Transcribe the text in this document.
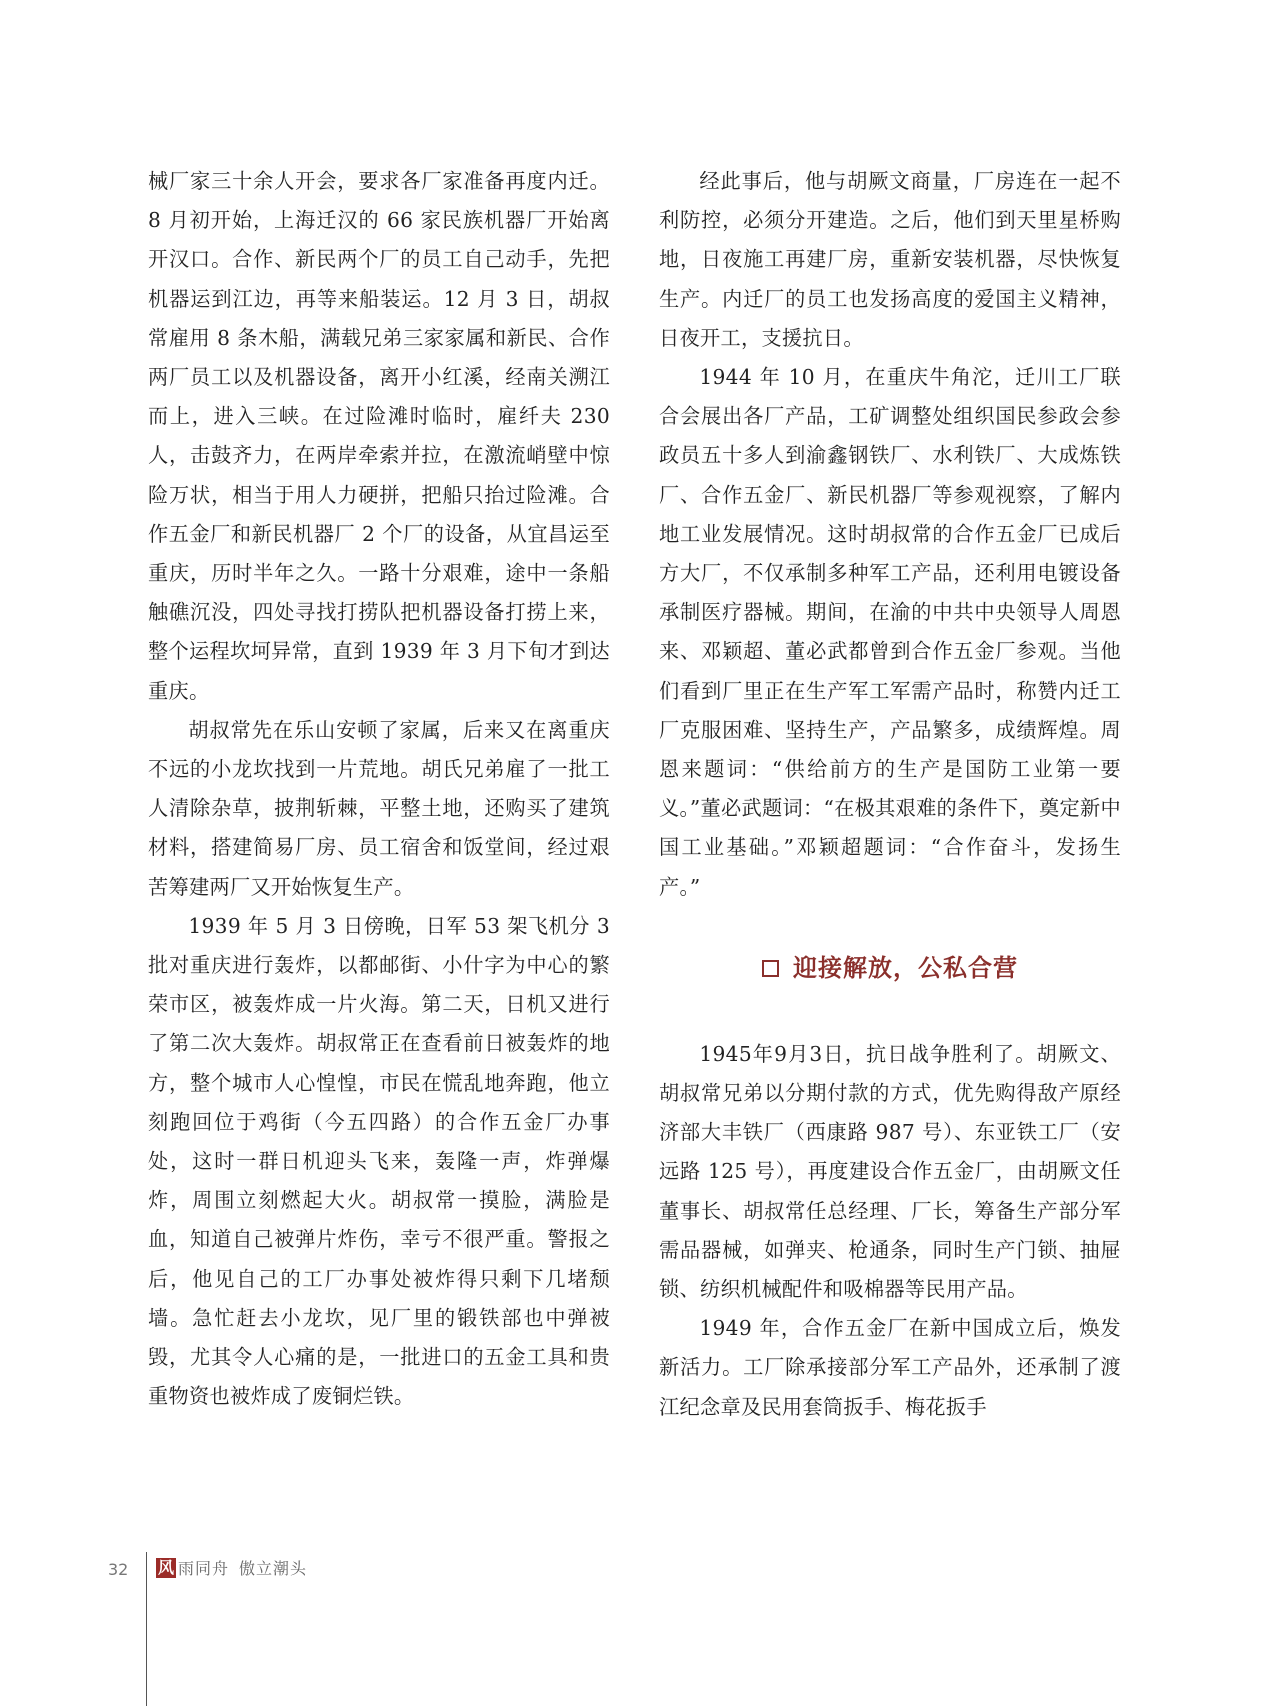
械厂家三十余人开会，要求各厂家准备再度内迁。8 月初开始，上海迁汉的 66 家民族机器厂开始离开汉口。合作、新民两个厂的员工自己动手，先把机器运到江边，再等来船装运。12 月 3 日，胡叔常雇用 8 条木船，满载兄弟三家家属和新民、合作两厂员工以及机器设备，离开小红溪，经南关溯江而上，进入三峡。在过险滩时临时，雇纤夫 230 人，击鼓齐力，在两岸牵索并拉，在激流峭壁中惊险万状，相当于用人力硬拼，把船只抬过险滩。合作五金厂和新民机器厂 2 个厂的设备，从宜昌运至重庆，历时半年之久。一路十分艰难，途中一条船触礁沉没，四处寻找打捞队把机器设备打捞上来，整个运程坎坷异常，直到 1939 年 3 月下旬才到达重庆。

胡叔常先在乐山安顿了家属，后来又在离重庆不远的小龙坎找到一片荒地。胡氏兄弟雇了一批工人清除杂草，披荆斩棘，平整土地，还购买了建筑材料，搭建简易厂房、员工宿舍和饭堂间，经过艰苦筹建两厂又开始恢复生产。

1939 年 5 月 3 日傍晚，日军 53 架飞机分 3 批对重庆进行轰炸，以都邮街、小什字为中心的繁荣市区，被轰炸成一片火海。第二天，日机又进行了第二次大轰炸。胡叔常正在查看前日被轰炸的地方，整个城市人心惶惶，市民在慌乱地奔跑，他立刻跑回位于鸡街（今五四路）的合作五金厂办事处，这时一群日机迎头飞来，轰隆一声，炸弹爆炸，周围立刻燃起大火。胡叔常一摸脸，满脸是血，知道自己被弹片炸伤，幸亏不很严重。警报之后，他见自己的工厂办事处被炸得只剩下几堵颓墙。急忙赶去小龙坎，见厂里的锻铁部也中弹被毁，尤其令人心痛的是，一批进口的五金工具和贵重物资也被炸成了废铜烂铁。

经此事后，他与胡厥文商量，厂房连在一起不利防控，必须分开建造。之后，他们到天里星桥购地，日夜施工再建厂房，重新安装机器，尽快恢复生产。内迁厂的员工也发扬高度的爱国主义精神，日夜开工，支援抗日。

1944 年 10 月，在重庆牛角沱，迁川工厂联合会展出各厂产品，工矿调整处组织国民参政会参政员五十多人到渝鑫钢铁厂、水利铁厂、大成炼铁厂、合作五金厂、新民机器厂等参观视察，了解内地工业发展情况。这时胡叔常的合作五金厂已成后方大厂，不仅承制多种军工产品，还利用电镀设备承制医疗器械。期间，在渝的中共中央领导人周恩来、邓颖超、董必武都曾到合作五金厂参观。当他们看到厂里正在生产军工军需产品时，称赞内迁工厂克服困难、坚持生产，产品繁多，成绩辉煌。周恩来题词：“供给前方的生产是国防工业第一要义。”董必武题词：“在极其艰难的条件下，奠定新中国工业基础。”邓颖超题词：“合作奋斗，发扬生产。”

迎接解放，公私合营

1945年9月3日，抗日战争胜利了。胡厥文、胡叔常兄弟以分期付款的方式，优先购得敌产原经济部大丰铁厂（西康路 987 号）、东亚铁工厂（安远路 125 号），再度建设合作五金厂，由胡厥文任董事长、胡叔常任总经理、厂长，筹备生产部分军需品器械，如弹夹、枪通条，同时生产门锁、抽屉锁、纺织机械配件和吸棉器等民用产品。

1949 年，合作五金厂在新中国成立后，焕发新活力。工厂除承接部分军工产品外，还承制了渡江纪念章及民用套筒扳手、梅花扳手

32	风 雨同舟 傲立潮头
